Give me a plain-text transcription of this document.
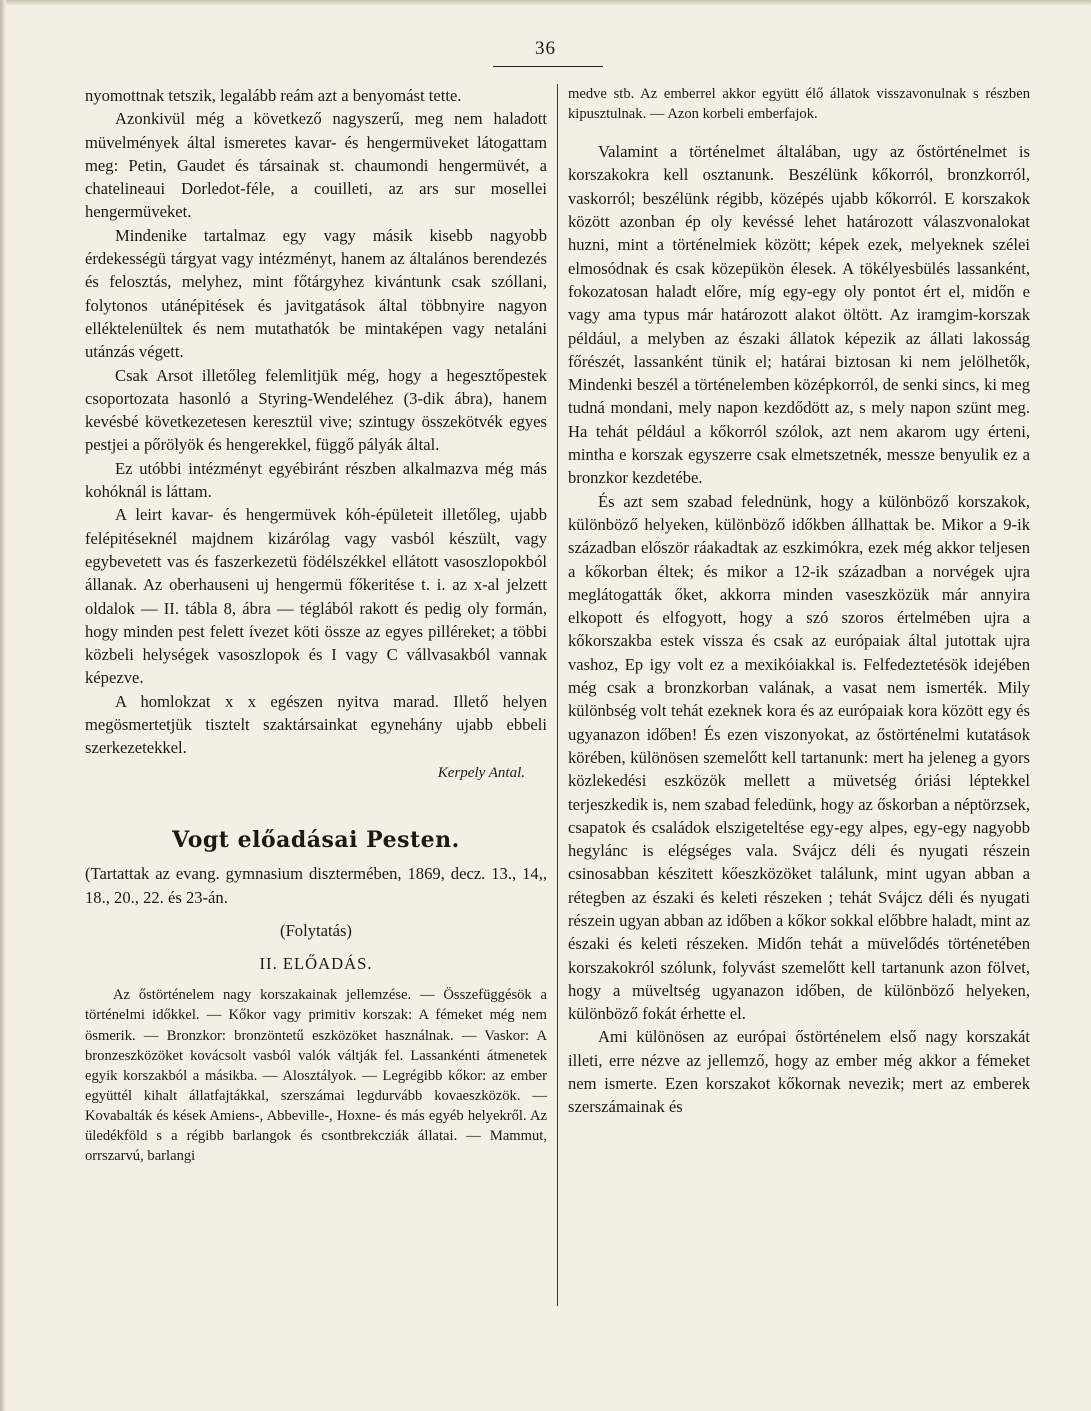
36

nyomottnak tetszik, legalább reám azt a benyomást tette.

Azonkivül még a következő nagyszerű, meg nem haladott müvelmények által ismeretes kavar- és hengermüveket látogattam meg: Petin, Gaudet és társainak st. chaumondi hengermüvét, a chatelineaui Dorledot-féle, a couilleti, az ars sur mosellei hengermüveket.

Mindenike tartalmaz egy vagy másik kisebb nagyobb érdekességü tárgyat vagy intézményt, hanem az általános berendezés és felosztás, melyhez, mint főtárgyhez kivántunk csak szóllani, folytonos utánépitések és javitgatások által többnyire nagyon elléktelenültek és nem mutathatók be mintaképen vagy netaláni utánzás végett.

Csak Arsot illetőleg felemlitjük még, hogy a hegesztőpestek csoportozata hasonló a Styring-Wendeléhez (3-dik ábra), hanem kevésbé következetesen keresztül vive; szintugy összekötvék egyes pestjei a pőrölyök és hengerekkel, függő pályák által.

Ez utóbbi intézményt egyébiránt részben alkalmazva még más kohóknál is láttam.

A leirt kavar- és hengermüvek kóh-épületeit illetőleg, ujabb felépitéseknél majdnem kizárólag vagy vasból készült, vagy egybevetett vas és faszerkezetü födélszékkel ellátott vasoszlopokból állanak. Az oberhauseni uj hengermü főkeritése t. i. az x-al jelzett oldalok — II. tábla 8, ábra — téglából rakott és pedig oly formán, hogy minden pest felett ívezet köti össze az egyes pilléreket; a többi közbeli helységek vasoszlopok és I vagy C vállvasakból vannak képezve.

A homlokzat x x egészen nyitva marad. Illető helyen megösmertetjük tisztelt szaktársainkat egynehány ujabb ebbeli szerkezetekkel.

Kerpely Antal.
Vogt előadásai Pesten.

(Tartattak az evang. gymnasium disztermében, 1869, decz. 13., 14,, 18., 20., 22. és 23-án.

(Folytatás)

II. ELŐADÁS.

Az őstörténelem nagy korszakainak jellemzése. — Összefüggésök a történelmi időkkel. — Kőkor vagy primitiv korszak: A fémeket még nem ösmerik. — Bronzkor: bronzöntetű eszközöket használnak. — Vaskor: A bronzeszközöket kovácsolt vasból valók váltják fel. Lassankénti átmenetek egyik korszakból a másikba. — Alosztályok. — Legrégibb kőkor: az ember együttél kihalt állatfajtákkal, szerszámai legdurvább kovaeszközök. — Kovabalták és kések Amiens-, Abbeville-, Hoxne- és más egyéb helyekről. Az üledékföld s a régibb barlangok és csontbrekcziák állatai. — Mammut, orrszarvú, barlangi

medve stb. Az emberrel akkor együtt élő állatok visszavonulnak s részben kipusztulnak. — Azon korbeli emberfajok.

Valamint a történelmet általában, ugy az őstörténelmet is korszakokra kell osztanunk. Beszélünk kőkorról, bronzkorról, vaskorról; beszélünk régibb, középés ujabb kőkorról. E korszakok között azonban ép oly kevéssé lehet határozott válaszvonalokat huzni, mint a történelmiek között; képek ezek, melyeknek szélei elmosódnak és csak közepükön élesek. A tökélyesbülés lassanként, fokozatosan haladt előre, míg egy-egy oly pontot ért el, midőn e vagy ama typus már határozott alakot öltött. Az iramgim-korszak például, a melyben az északi állatok képezik az állati lakosság főrészét, lassanként tünik el; határai biztosan ki nem jelölhetők, Mindenki beszél a történelemben középkorról, de senki sincs, ki meg tudná mondani, mely napon kezdődött az, s mely napon szünt meg. Ha tehát például a kőkorról szólok, azt nem akarom ugy érteni, mintha e korszak egyszerre csak elmetszetnék, messze benyulik ez a bronzkor kezdetébe.

És azt sem szabad felednünk, hogy a különböző korszakok, különböző helyeken, különböző időkben állhattak be. Mikor a 9-ik században először ráakadtak az eszkimókra, ezek még akkor teljesen a kőkorban éltek; és mikor a 12-ik században a norvégek ujra meglátogatták őket, akkorra minden vaseszközük már annyira elkopott és elfogyott, hogy a szó szoros értelmében ujra a kőkorszakba estek vissza és csak az európaiak által jutottak ujra vashoz, Ep igy volt ez a mexikóiakkal is. Felfedeztetésök idejében még csak a bronzkorban valának, a vasat nem ismerték. Mily különbség volt tehát ezeknek kora és az európaiak kora között egy és ugyanazon időben! És ezen viszonyokat, az őstörténelmi kutatások körében, különösen szemelőtt kell tartanunk: mert ha jeleneg a gyors közlekedési eszközök mellett a müvetség óriási léptekkel terjeszkedik is, nem szabad feledünk, hogy az őskorban a néptörzsek, csapatok és családok elszigeteltése egy-egy alpes, egy-egy nagyobb hegylánc is elégséges vala. Svájcz déli és nyugati részein csinosabban készitett kőeszközöket találunk, mint ugyan abban a rétegben az északi és keleti részeken ; tehát Svájcz déli és nyugati részein ugyan abban az időben a kőkor sokkal előbbre haladt, mint az északi és keleti részeken. Midőn tehát a müvelődés történetében korszakokról szólunk, folyvást szemelőtt kell tartanunk azon fölvet, hogy a müveltség ugyanazon időben, de különböző helyeken, különböző fokát érhette el.

Ami különösen az európai őstörténelem első nagy korszakát illeti, erre nézve az jellemző, hogy az ember még akkor a fémeket nem ismerte. Ezen korszakot kőkornak nevezik; mert az emberek szerszámainak és
